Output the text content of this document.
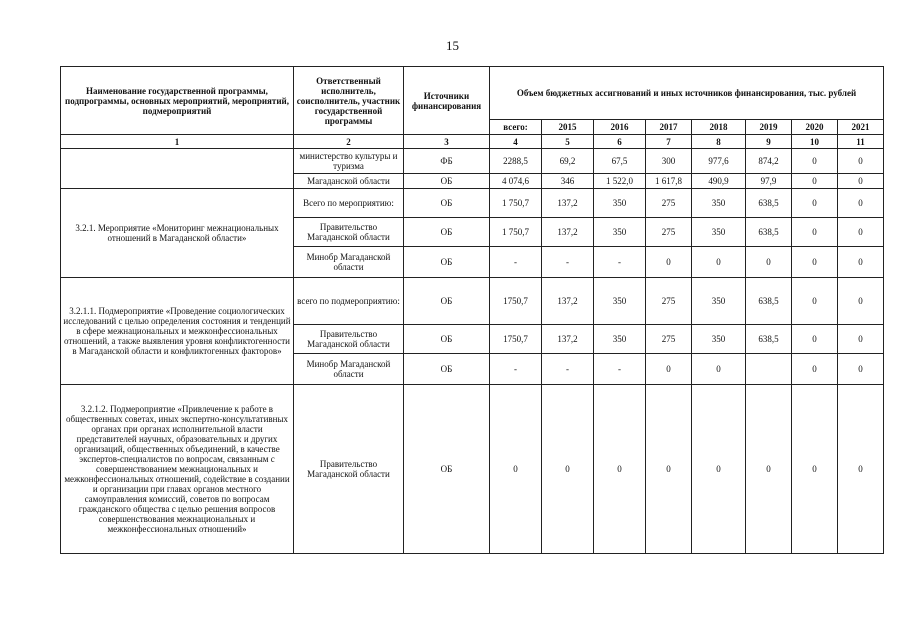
15
Наименование государственной программы, подпрограммы, основных мероприятий, мероприятий, подмероприятий	Ответственный исполнитель, соисполнитель, участник государственной программы	Источники финансирования	Объем бюджетных ассигнований и иных источников финансирования, тыс. рублей							
			всего:	2015	2016	2017	2018	2019	2020	2021
1	2	3	4	5	6	7	8	9	10	11
	министерство культуры и туризма	ФБ	2288,5	69,2	67,5	300	977,6	874,2	0	0
	Магаданской области	ОБ	4 074,6	346	1 522,0	1 617,8	490,9	97,9	0	0
3.2.1. Мероприятие «Мониторинг межнациональных отношений в Магаданской области»	Всего по мероприятию:	ОБ	1 750,7	137,2	350	275	350	638,5	0	0
	Правительство Магаданской области	ОБ	1 750,7	137,2	350	275	350	638,5	0	0
	Минобр Магаданской области	ОБ	-	-	-	0	0	0	0	0
3.2.1.1. Подмероприятие «Проведение социологических исследований с целью определения состояния и тенденций в сфере межнациональных и межконфессиональных отношений, а также выявления уровня конфликтогенности в Магаданской области и конфликтогенных факторов»	всего по подмероприятию:	ОБ	1750,7	137,2	350	275	350	638,5	0	0
	Правительство Магаданской области	ОБ	1750,7	137,2	350	275	350	638,5	0	0
	Минобр Магаданской области	ОБ	-	-	-	0	0		0	0
3.2.1.2. Подмероприятие «Привлечение к работе в общественных советах, иных экспертно-консультативных органах при органах исполнительной власти представителей научных, образовательных и других организаций, общественных объединений, в качестве экспертов-специалистов по вопросам, связанным с совершенствованием межнациональных и межконфессиональных отношений, содействие в создании и организации при главах органов местного самоуправления комиссий, советов по вопросам гражданского общества с целью решения вопросов совершенствования межнациональных и межконфессиональных отношений»	Правительство Магаданской области	ОБ	0	0	0	0	0	0	0	0
